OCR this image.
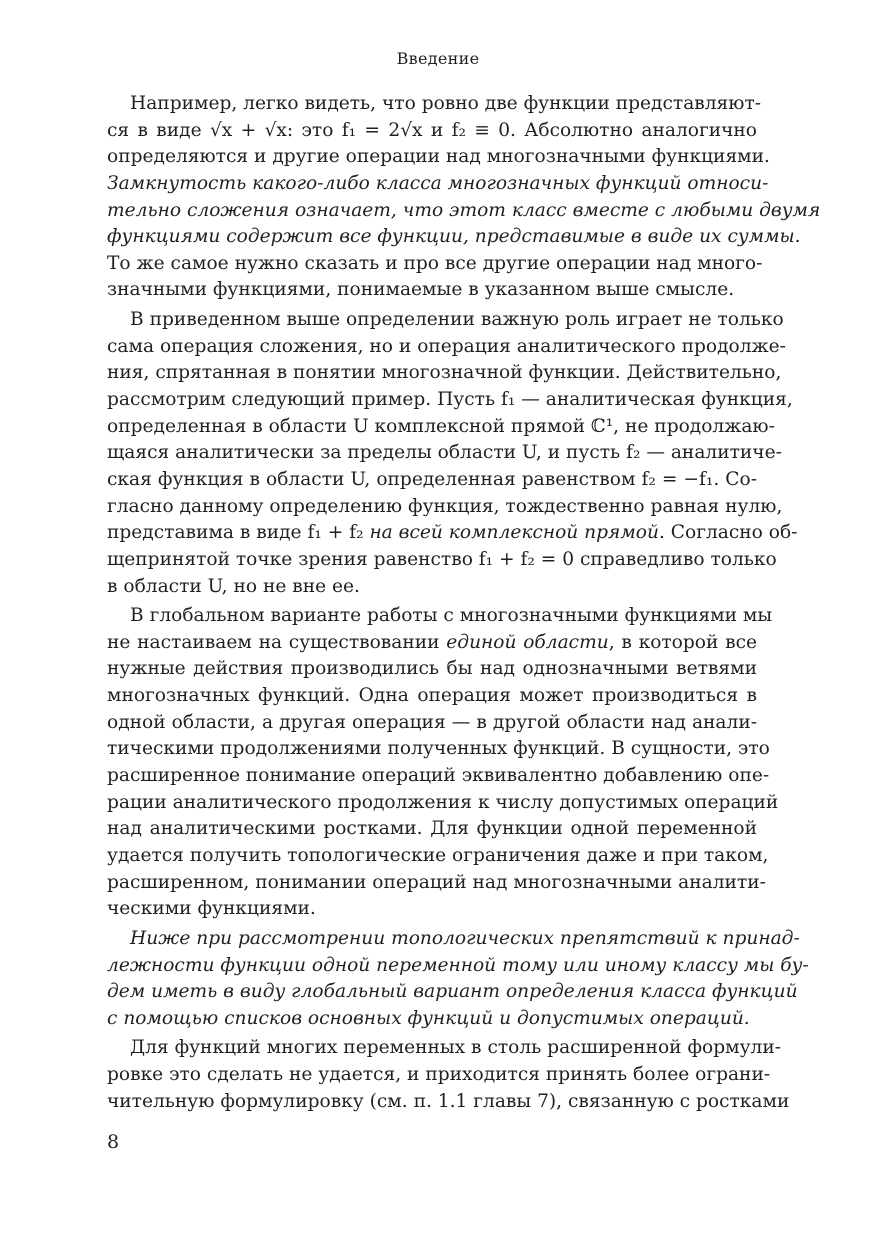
Введение
Например, легко видеть, что ровно две функции представляют-
ся в виде √x + √x: это f₁ = 2√x и f₂ ≡ 0. Абсолютно аналогично
определяются и другие операции над многозначными функциями.
Замкнутость какого-либо класса многозначных функций относи-
тельно сложения означает, что этот класс вместе с любыми двумя
функциями содержит все функции, представимые в виде их суммы.
То же самое нужно сказать и про все другие операции над много-
значными функциями, понимаемые в указанном выше смысле.
В приведенном выше определении важную роль играет не только
сама операция сложения, но и операция аналитического продолже-
ния, спрятанная в понятии многозначной функции. Действительно,
рассмотрим следующий пример. Пусть f₁ — аналитическая функция,
определенная в области U комплексной прямой ℂ¹, не продолжаю-
щаяся аналитически за пределы области U, и пусть f₂ — аналитиче-
ская функция в области U, определенная равенством f₂ = −f₁. Со-
гласно данному определению функция, тождественно равная нулю,
представима в виде f₁ + f₂ на всей комплексной прямой. Согласно об-
щепринятой точке зрения равенство f₁ + f₂ = 0 справедливо только
в области U, но не вне ее.
В глобальном варианте работы с многозначными функциями мы
не настаиваем на существовании единой области, в которой все
нужные действия производились бы над однозначными ветвями
многозначных функций. Одна операция может производиться в
одной области, а другая операция — в другой области над анали-
тическими продолжениями полученных функций. В сущности, это
расширенное понимание операций эквивалентно добавлению опе-
рации аналитического продолжения к числу допустимых операций
над аналитическими ростками. Для функции одной переменной
удается получить топологические ограничения даже и при таком,
расширенном, понимании операций над многозначными аналити-
ческими функциями.
Ниже при рассмотрении топологических препятствий к принад-
лежности функции одной переменной тому или иному классу мы бу-
дем иметь в виду глобальный вариант определения класса функций
с помощью списков основных функций и допустимых операций.
Для функций многих переменных в столь расширенной формули-
ровке это сделать не удается, и приходится принять более ограни-
чительную формулировку (см. п. 1.1 главы 7), связанную с ростками
8
